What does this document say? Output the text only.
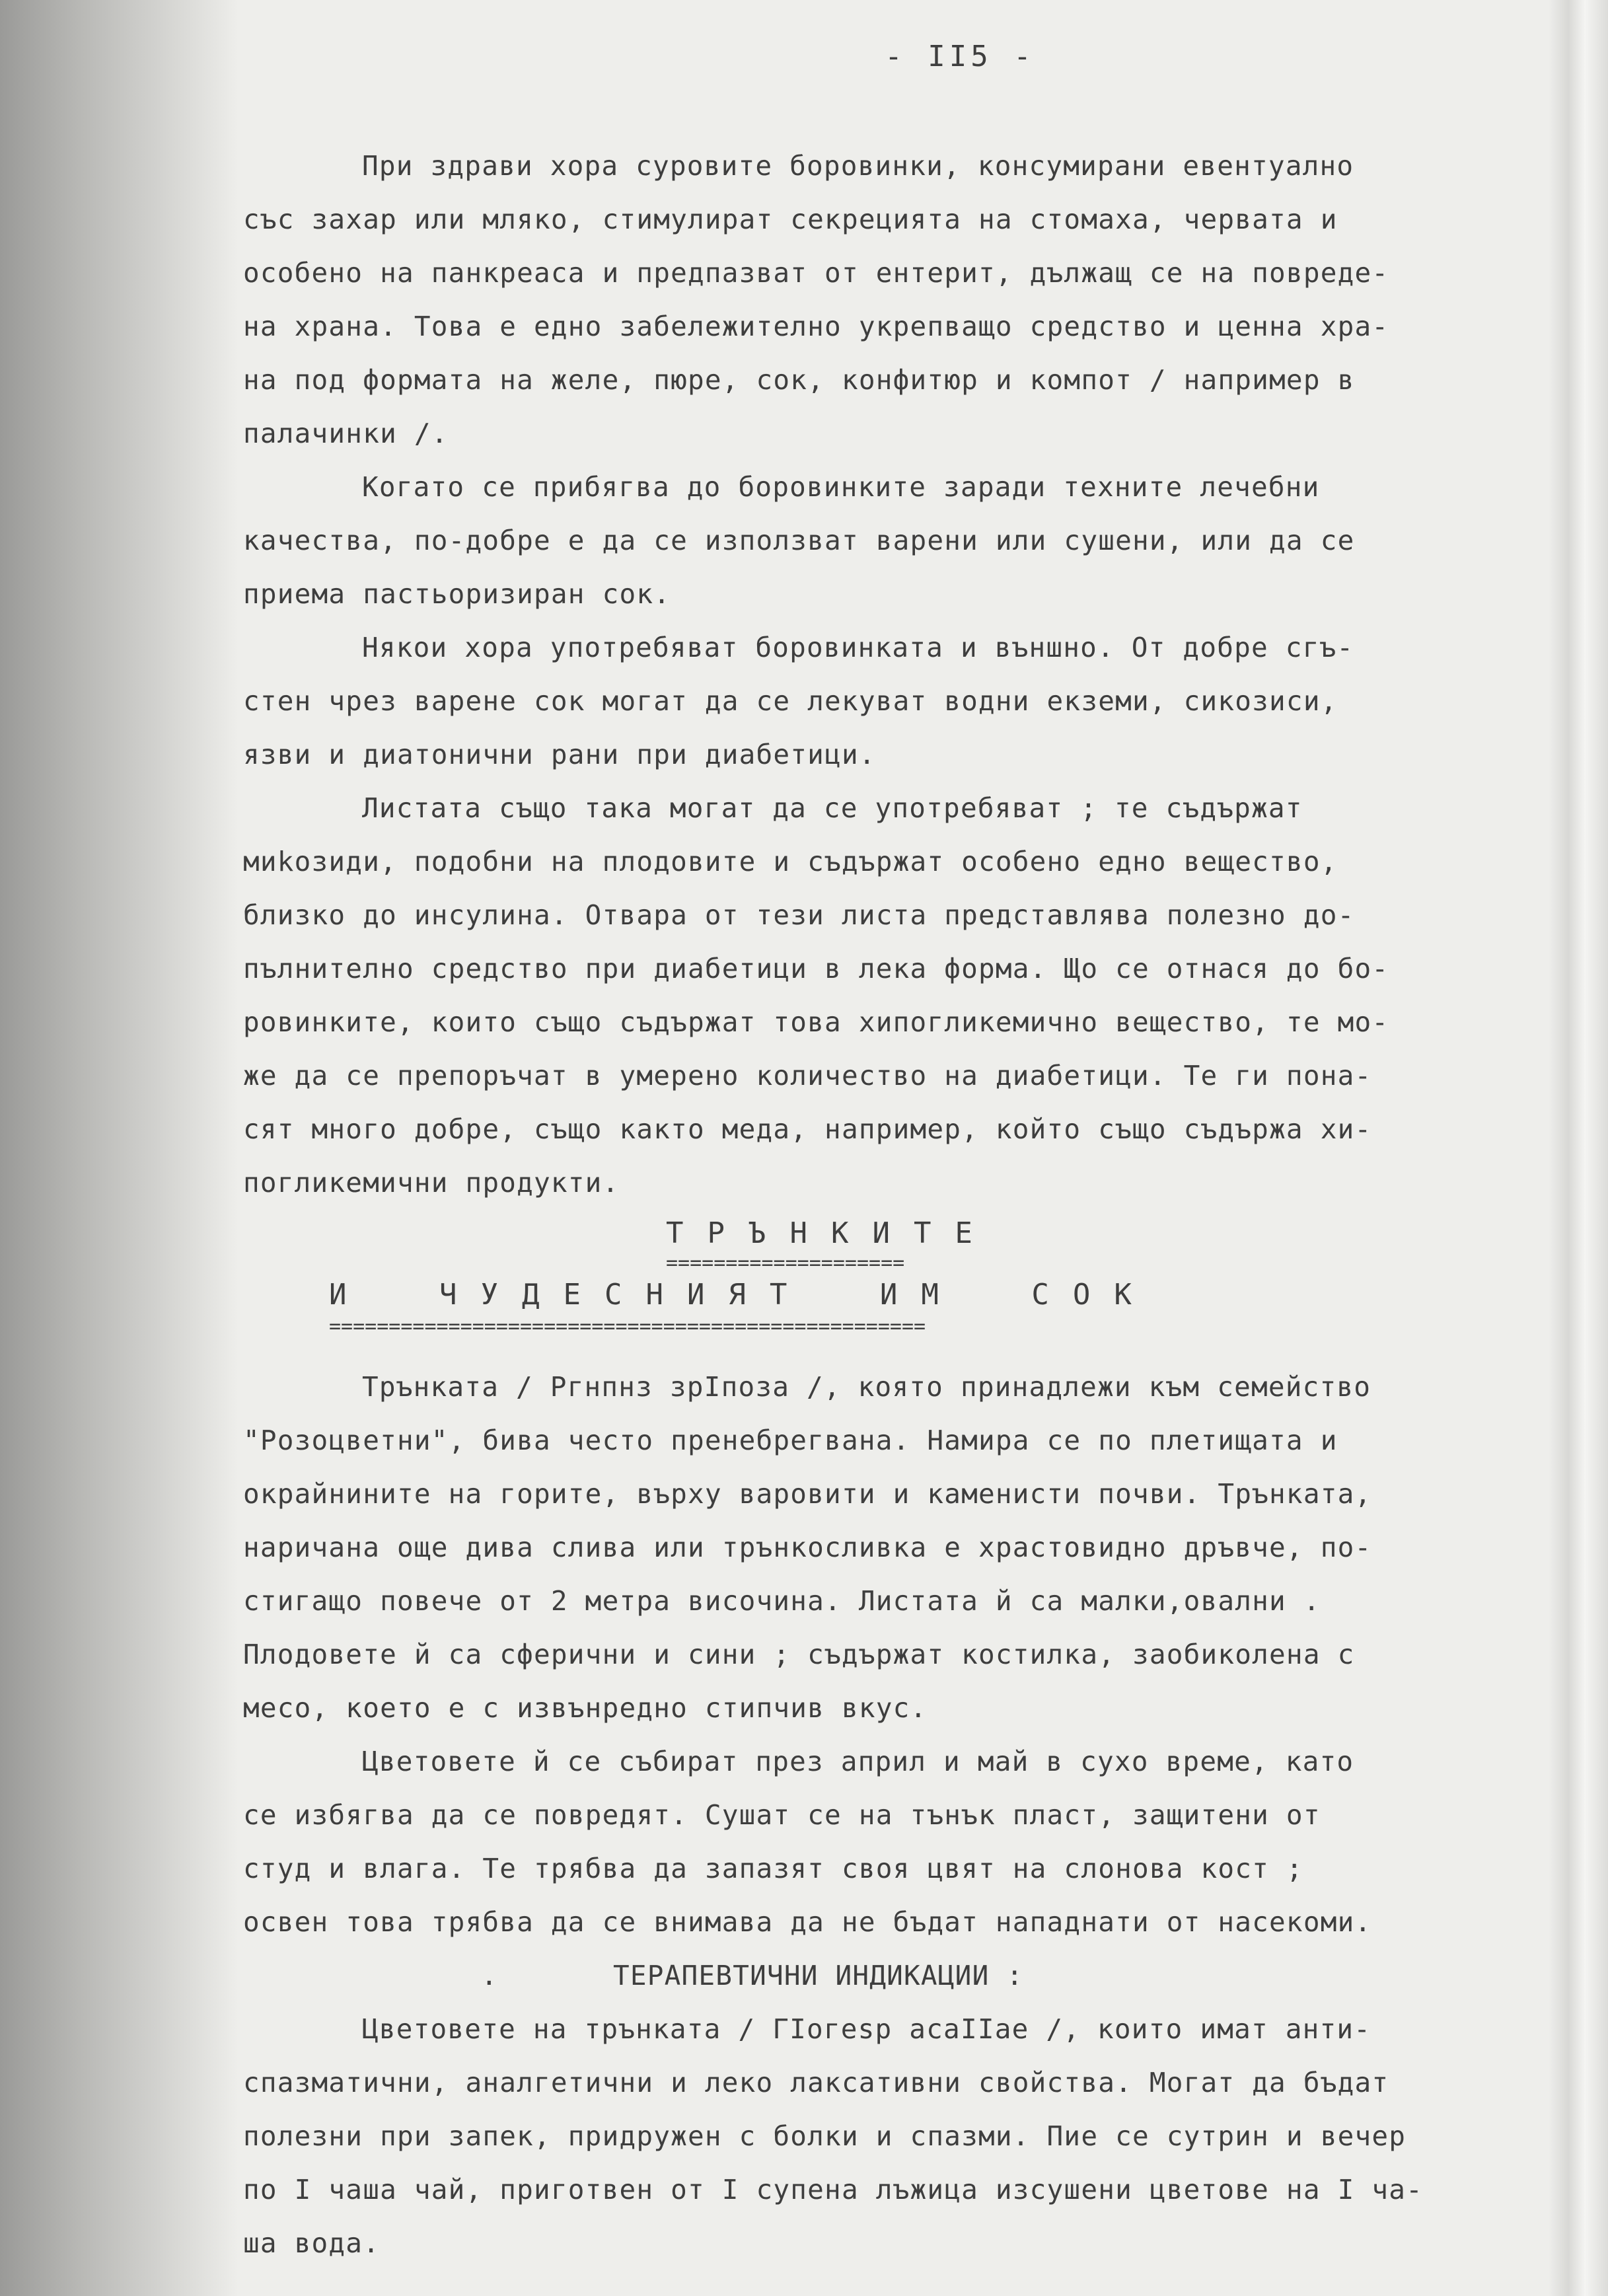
- II5 -
При здрави хора суровите боровинки, консумирани евентуално
със захар или мляко, стимулират секрецията на стомаха, червата и
особено на панкреаса и предпазват от ентерит, дължащ се на повреде-
на храна. Това е едно забележително укрепващо средство и ценна хра-
на под формата на желе, пюре, сок, конфитюр и компот / например в
палачинки /.
Когато се прибягва до боровинките заради техните лечебни
качества, по-добре е да се използват варени или сушени, или да се
приема пастьоризиран сок.
Някои хора употребяват боровинката и външно. От добре сгъ-
стен чрез варене сок могат да се лекуват водни екземи, сикозиси,
язви и диатонични рани при диабетици.
Листата също така могат да се употребяват ; те съдържат
миkозиди, подобни на плодовите и съдържат особено едно вещество,
близко до инсулина. Отвара от тези листа представлява полезно до-
пълнително средство при диабетици в лека форма. Що се отнася до бо-
ровинките, които също съдържат това хипогликемично вещество, те мо-
же да се препоръчат в умерено количество на диабетици. Те ги пона-
сят много добре, също както меда, например, който също съдържа хи-
погликемични продукти.
ТРЪНКИТЕ
====================
И ЧУДЕСНИЯТ ИМ СОК
==================================================
Трънката / Ргнпнз зрIпоза /, която принадлежи към семейство
"Розоцветни", бива често пренебрегвана. Намира се по плетищата и
окрайнините на горите, върху варовити и каменисти почви. Трънката,
наричана още дива слива или трънкосливка е храстовидно дръвче, по-
стигащо повече от 2 метра височина. Листата й са малки,овални .
Плодовете й са сферични и сини ; съдържат костилка, заобиколена с
месо, което е с извънредно стипчив вкус.
Цветовете й се събират през април и май в сухо време, като
се избягва да се повредят. Сушат се на тънък пласт, защитени от
студ и влага. Те трябва да запазят своя цвят на слонова кост ;
освен това трябва да се внимава да не бъдат нападнати от насекоми.
.	ТЕРАПЕВТИЧНИ ИНДИКАЦИИ :
Цветовете на трънката / ГIогеsр асаIIае /, които имат анти-
спазматични, аналгетични и леко лаксативни свойства. Могат да бъдат
полезни при запек, придружен с болки и спазми. Пие се сутрин и вечер
по I чаша чай, приготвен от I супена лъжица изсушени цветове на I ча-
ша вода.
